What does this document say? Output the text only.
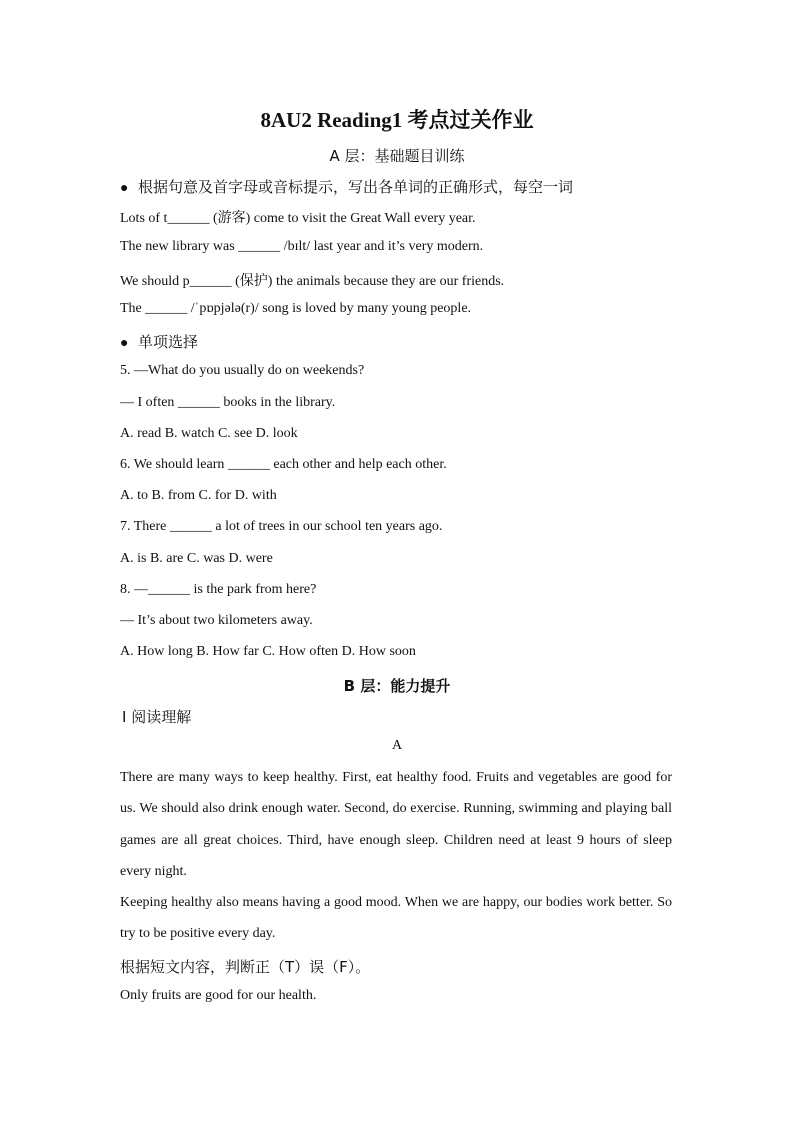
8AU2 Reading1 考点过关作业
A 层：基础题目训练
● 根据句意及首字母或音标提示，写出各单词的正确形式，每空一词
Lots of t______ (游客) come to visit the Great Wall every year.
The new library was ______ /bɪlt/ last year and it’s very modern.
We should p______ (保护) the animals because they are our friends.
The ______ /ˈpɒpjələ(r)/ song is loved by many young people.
● 单项选择
5. —What do you usually do on weekends?
— I often ______ books in the library.
A. read B. watch C. see D. look
6. We should learn ______ each other and help each other.
A. to B. from C. for D. with
7. There ______ a lot of trees in our school ten years ago.
A. is B. are C. was D. were
8. —______ is the park from here?
— It’s about two kilometers away.
A. How long B. How far C. How often D. How soon
B 层：能力提升
I 阅读理解
A
There are many ways to keep healthy. First, eat healthy food. Fruits and vegetables are good for us. We should also drink enough water. Second, do exercise. Running, swimming and playing ball games are all great choices. Third, have enough sleep. Children need at least 9 hours of sleep every night.
Keeping healthy also means having a good mood. When we are happy, our bodies work better. So try to be positive every day.
根据短文内容，判断正（T）误（F）。
Only fruits are good for our health.
